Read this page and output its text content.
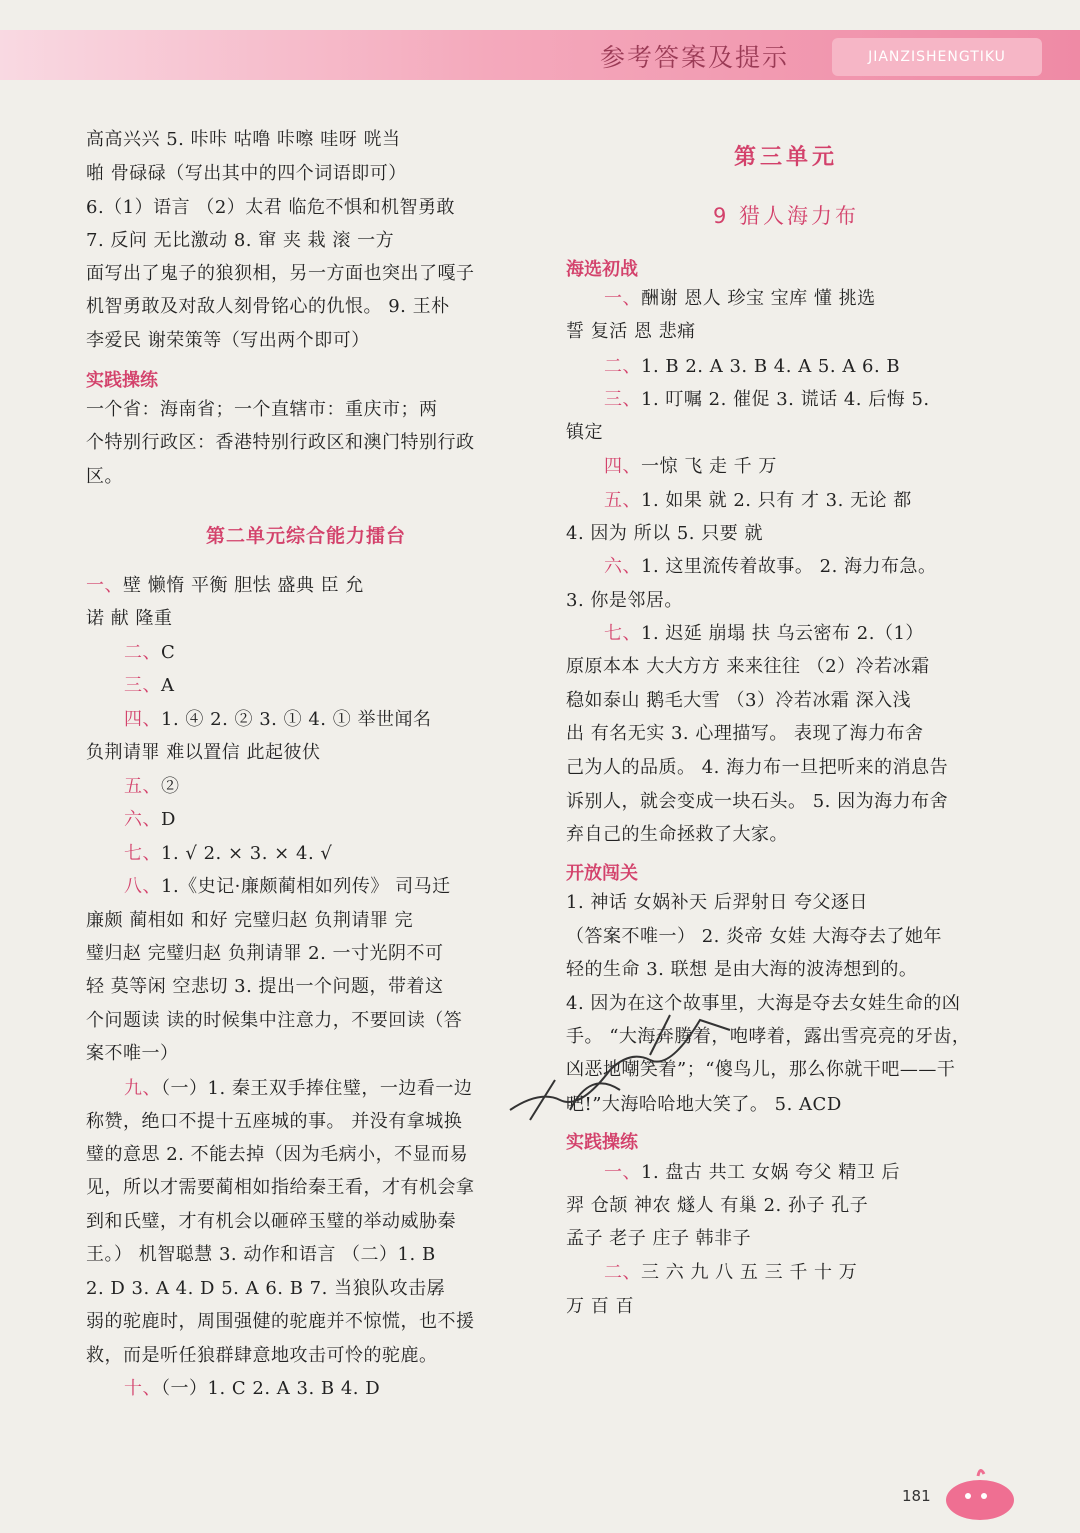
参考答案及提示	JIANZISHENGTIKU
高高兴兴 5. 咔咔 咕噜 咔嚓 哇呀 咣当
啪 骨碌碌（写出其中的四个词语即可）
6.（1）语言 （2）太君 临危不惧和机智勇敢
7. 反问 无比激动 8. 窜 夹 栽 滚 一方
面写出了鬼子的狼狈相，另一方面也突出了嘎子
机智勇敢及对敌人刻骨铭心的仇恨。 9. 王朴
李爱民 谢荣策等（写出两个即可）
实践操练
一个省：海南省；一个直辖市：重庆市；两
个特别行政区：香港特别行政区和澳门特别行政
区。
第二单元综合能力擂台
一、壁 懒惰 平衡 胆怯 盛典 臣 允
诺 献 隆重
二、C
三、A
四、1. ④ 2. ② 3. ① 4. ① 举世闻名
负荆请罪 难以置信 此起彼伏
五、②
六、D
七、1. √ 2. × 3. × 4. √
八、1.《史记·廉颇蔺相如列传》 司马迁
廉颇 蔺相如 和好 完璧归赵 负荆请罪 完
璧归赵 完璧归赵 负荆请罪 2. 一寸光阴不可
轻 莫等闲 空悲切 3. 提出一个问题，带着这
个问题读 读的时候集中注意力，不要回读（答
案不唯一）
九、（一）1. 秦王双手捧住璧，一边看一边
称赞，绝口不提十五座城的事。 并没有拿城换
璧的意思 2. 不能去掉（因为毛病小，不显而易
见，所以才需要蔺相如指给秦王看，才有机会拿
到和氏璧，才有机会以砸碎玉璧的举动威胁秦
王。） 机智聪慧 3. 动作和语言 （二）1. B
2. D 3. A 4. D 5. A 6. B 7. 当狼队攻击孱
弱的驼鹿时，周围强健的驼鹿并不惊慌，也不援
救，而是听任狼群肆意地攻击可怜的驼鹿。
十、（一）1. C 2. A 3. B 4. D
第三单元
9 猎人海力布
海选初战
一、酬谢 恩人 珍宝 宝库 懂 挑选
誓 复活 恩 悲痛
二、1. B 2. A 3. B 4. A 5. A 6. B
三、1. 叮嘱 2. 催促 3. 谎话 4. 后悔 5.
镇定
四、一惊 飞 走 千 万
五、1. 如果 就 2. 只有 才 3. 无论 都
4. 因为 所以 5. 只要 就
六、1. 这里流传着故事。 2. 海力布急。
3. 你是邻居。
七、1. 迟延 崩塌 扶 乌云密布 2.（1）
原原本本 大大方方 来来往往 （2）冷若冰霜
稳如泰山 鹅毛大雪 （3）冷若冰霜 深入浅
出 有名无实 3. 心理描写。 表现了海力布舍
己为人的品质。 4. 海力布一旦把听来的消息告
诉别人，就会变成一块石头。 5. 因为海力布舍
弃自己的生命拯救了大家。
开放闯关
1. 神话 女娲补天 后羿射日 夸父逐日
（答案不唯一） 2. 炎帝 女娃 大海夺去了她年
轻的生命 3. 联想 是由大海的波涛想到的。
4. 因为在这个故事里，大海是夺去女娃生命的凶
手。 “大海奔腾着，咆哮着，露出雪亮亮的牙齿，
凶恶地嘲笑着”；“傻鸟儿，那么你就干吧——干
吧!”大海哈哈地大笑了。 5. ACD
实践操练
一、1. 盘古 共工 女娲 夸父 精卫 后
羿 仓颉 神农 燧人 有巢 2. 孙子 孔子
孟子 老子 庄子 韩非子
二、三 六 九 八 五 三 千 十 万
万 百 百
181
